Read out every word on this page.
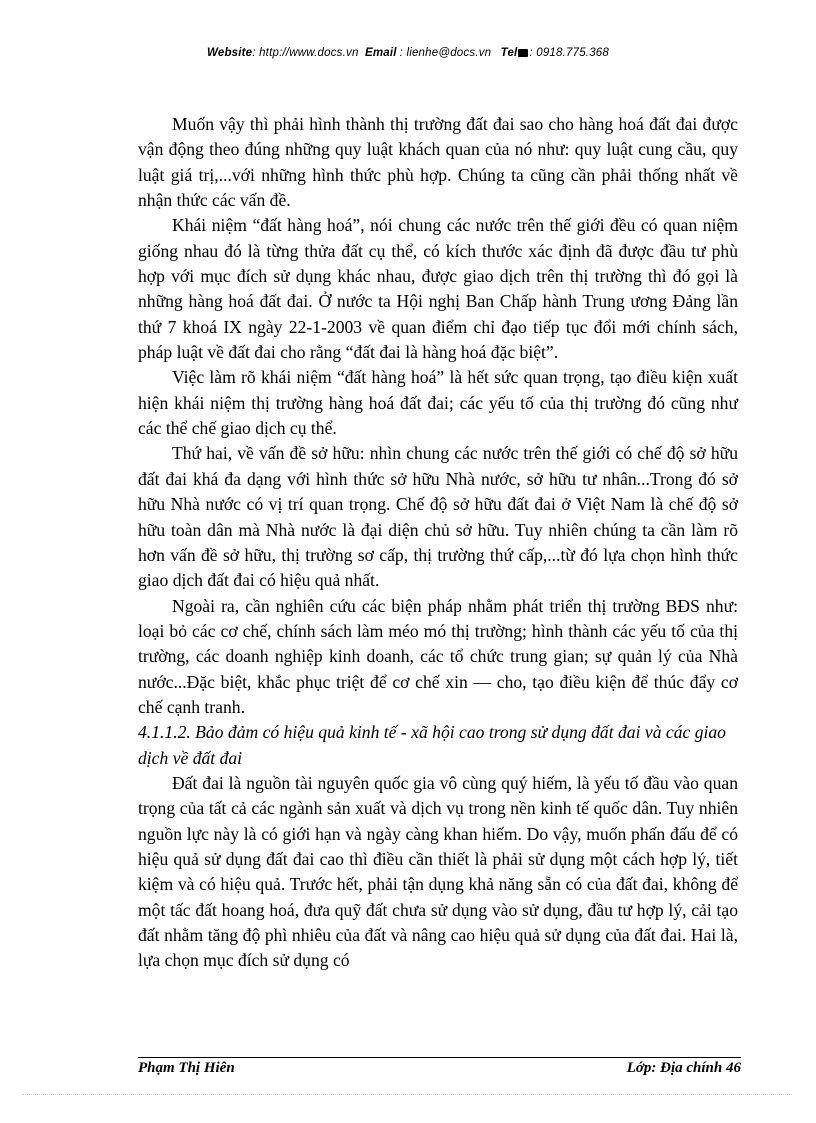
Website: http://www.docs.vn Email : lienhe@docs.vn Tel : 0918.775.368

Muốn vậy thì phải hình thành thị trường đất đai sao cho hàng hoá đất đai được vận động theo đúng những quy luật khách quan của nó như: quy luật cung cầu, quy luật giá trị,...với những hình thức phù hợp. Chúng ta cũng cần phải thống nhất về nhận thức các vấn đề.

Khái niệm “đất hàng hoá”, nói chung các nước trên thế giới đều có quan niệm giống nhau đó là từng thửa đất cụ thể, có kích thước xác định đã được đầu tư phù hợp với mục đích sử dụng khác nhau, được giao dịch trên thị trường thì đó gọi là những hàng hoá đất đai. Ở nước ta Hội nghị Ban Chấp hành Trung ương Đảng lần thứ 7 khoá IX ngày 22-1-2003 về quan điểm chỉ đạo tiếp tục đổi mới chính sách, pháp luật về đất đai cho rằng “đất đai là hàng hoá đặc biệt”.

Việc làm rõ khái niệm “đất hàng hoá” là hết sức quan trọng, tạo điều kiện xuất hiện khái niệm thị trường hàng hoá đất đai; các yếu tố của thị trường đó cũng như các thể chế giao dịch cụ thể.

Thứ hai, về vấn đề sở hữu: nhìn chung các nước trên thế giới có chế độ sở hữu đất đai khá đa dạng với hình thức sở hữu Nhà nước, sở hữu tư nhân...Trong đó sở hữu Nhà nước có vị trí quan trọng. Chế độ sở hữu đất đai ở Việt Nam là chế độ sở hữu toàn dân mà Nhà nước là đại diện chủ sở hữu. Tuy nhiên chúng ta cần làm rõ hơn vấn đề sở hữu, thị trường sơ cấp, thị trường thứ cấp,...từ đó lựa chọn hình thức giao dịch đất đai có hiệu quả nhất.

Ngoài ra, cần nghiên cứu các biện pháp nhằm phát triển thị trường BĐS như: loại bỏ các cơ chế, chính sách làm méo mó thị trường; hình thành các yếu tố của thị trường, các doanh nghiệp kinh doanh, các tổ chức trung gian; sự quản lý của Nhà nước...Đặc biệt, khắc phục triệt để cơ chế xin — cho, tạo điều kiện để thúc đẩy cơ chế cạnh tranh.

4.1.1.2. Bảo đảm có hiệu quả kinh tế - xã hội cao trong sử dụng đất đai và các giao dịch về đất đai

Đất đai là nguồn tài nguyên quốc gia vô cùng quý hiếm, là yếu tố đầu vào quan trọng của tất cả các ngành sản xuất và dịch vụ trong nền kinh tế quốc dân. Tuy nhiên nguồn lực này là có giới hạn và ngày càng khan hiếm. Do vậy, muốn phấn đấu để có hiệu quả sử dụng đất đai cao thì điều cần thiết là phải sử dụng một cách hợp lý, tiết kiệm và có hiệu quả. Trước hết, phải tận dụng khả năng sẵn có của đất đai, không để một tấc đất hoang hoá, đưa quỹ đất chưa sử dụng vào sử dụng, đầu tư hợp lý, cải tạo đất nhằm tăng độ phì nhiêu của đất và nâng cao hiệu quả sử dụng của đất đai. Hai là, lựa chọn mục đích sử dụng có

Phạm Thị Hiên	Lớp: Địa chính 46
